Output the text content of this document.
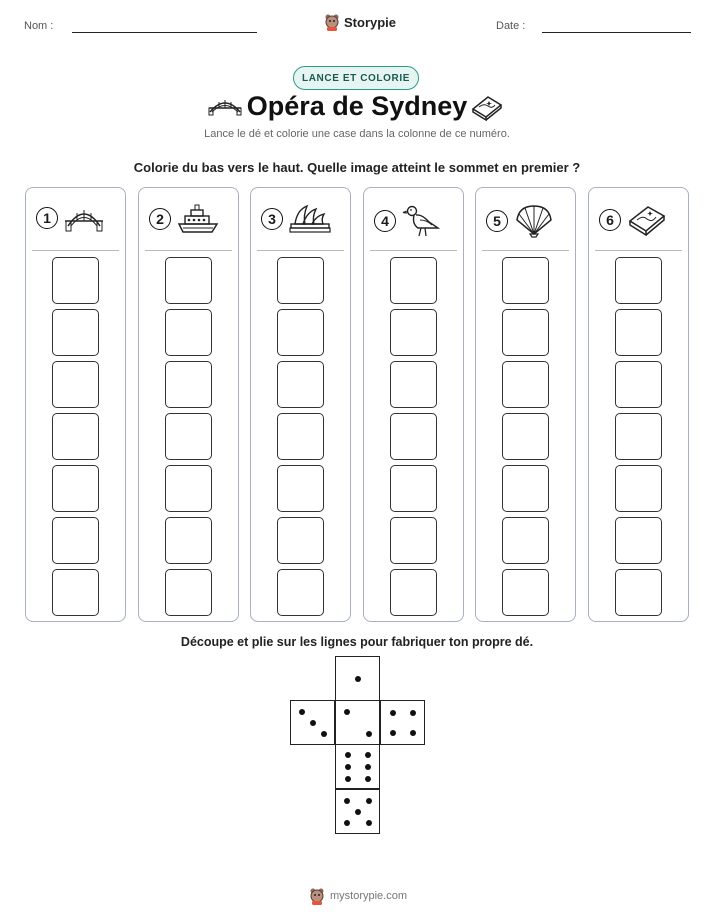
Nom :	Storypie	Date :
LANCE ET COLORIE
Opéra de Sydney
Lance le dé et colorie une case dans la colonne de ce numéro.
Colorie du bas vers le haut. Quelle image atteint le sommet en premier ?
1	2	3	4	5	6
Découpe et plie sur les lignes pour fabriquer ton propre dé.
mystorypie.com
